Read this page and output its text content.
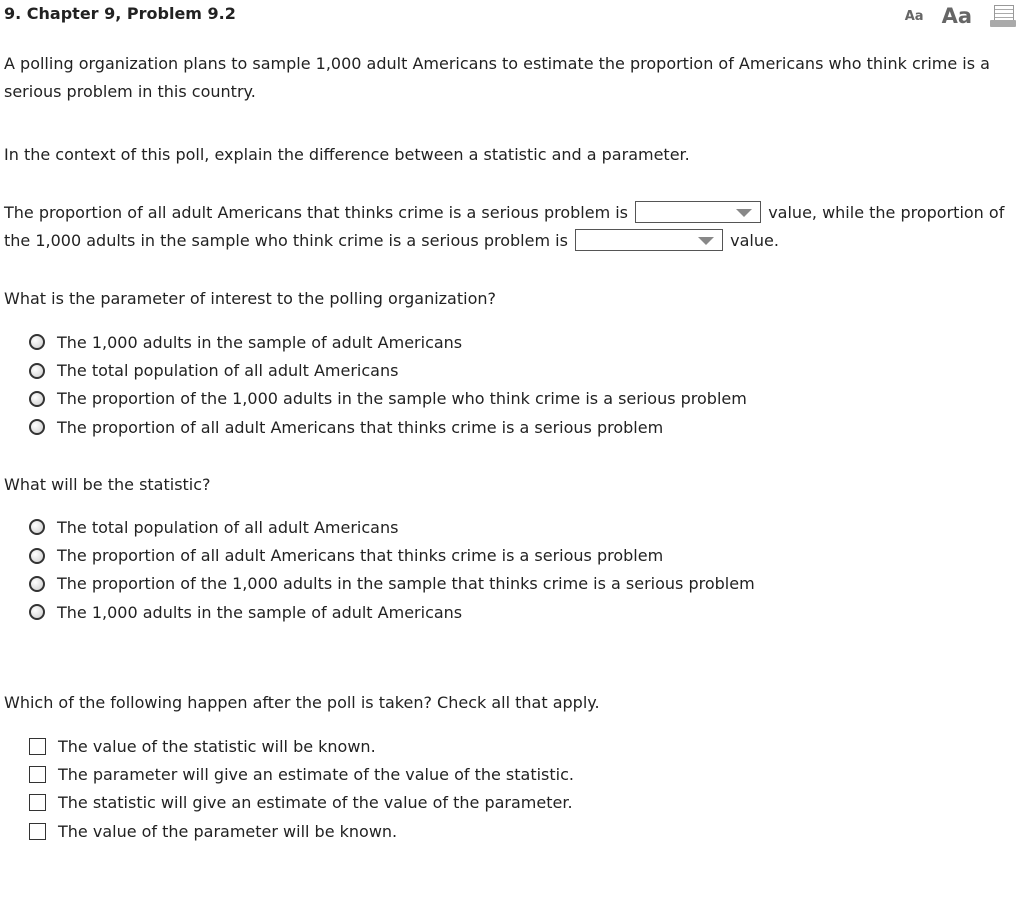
9. Chapter 9, Problem 9.2	Aa Aa

A polling organization plans to sample 1,000 adult Americans to estimate the proportion of Americans who think crime is a serious problem in this country.

In the context of this poll, explain the difference between a statistic and a parameter.

The proportion of all adult Americans that thinks crime is a serious problem is	value, while the proportion of the 1,000 adults in the sample who think crime is a serious problem is	value.

What is the parameter of interest to the polling organization?

The 1,000 adults in the sample of adult Americans
The total population of all adult Americans
The proportion of the 1,000 adults in the sample who think crime is a serious problem
The proportion of all adult Americans that thinks crime is a serious problem

What will be the statistic?

The total population of all adult Americans
The proportion of all adult Americans that thinks crime is a serious problem
The proportion of the 1,000 adults in the sample that thinks crime is a serious problem
The 1,000 adults in the sample of adult Americans

Which of the following happen after the poll is taken? Check all that apply.

The value of the statistic will be known.
The parameter will give an estimate of the value of the statistic.
The statistic will give an estimate of the value of the parameter.
The value of the parameter will be known.
